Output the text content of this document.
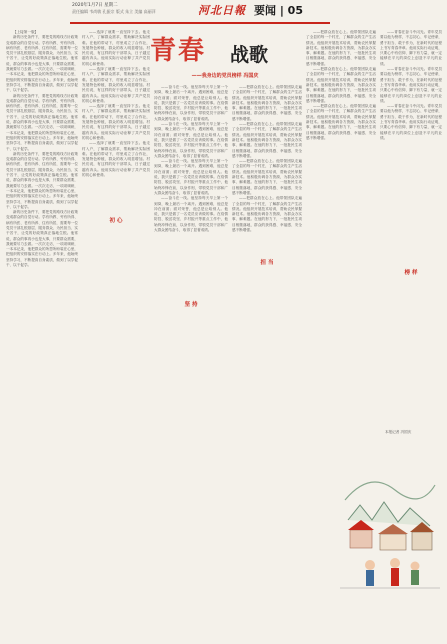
2020年1月7日 星期二
责任编辑 韦尚敏 孔振宗 版式 朱立 美编 高丽萍	河北日報 要闻 | 05
青春 战歌
——我身边的党员榜样 冯国庆

【上接第一版】

新的历史条件下，要把党的路线方针政策变成群众的自觉行动。学有所教、劳有所得、病有所医、老有所养、住有所居，需要每一位党员干部扎根基层、服务群众、为民担当、实干苦干，让党的好政策真正落地生根。他常说，群众的事再小也是大事，只要群众需要，我就要尽力去做。一次次走访，一项项调研，一本本记录，他把群众的所思所盼装在心里，把组织的安排落实在行动上。多年来，他始终坚持学习，不断提高自身素质，做到了以学促干、以干促学。

新的历史条件下，要把党的路线方针政策变成群众的自觉行动。学有所教、劳有所得、病有所医、老有所养、住有所居，需要每一位党员干部扎根基层、服务群众、为民担当、实干苦干，让党的好政策真正落地生根。他常说，群众的事再小也是大事，只要群众需要，我就要尽力去做。一次次走访，一项项调研，一本本记录，他把群众的所思所盼装在心里，把组织的安排落实在行动上。多年来，他始终坚持学习，不断提高自身素质，做到了以学促干、以干促学。

新的历史条件下，要把党的路线方针政策变成群众的自觉行动。学有所教、劳有所得、病有所医、老有所养、住有所居，需要每一位党员干部扎根基层、服务群众、为民担当、实干苦干，让党的好政策真正落地生根。他常说，群众的事再小也是大事，只要群众需要，我就要尽力去做。一次次走访，一项项调研，一本本记录，他把群众的所思所盼装在心里，把组织的安排落实在行动上。多年来，他始终坚持学习，不断提高自身素质，做到了以学促干、以干促学。

新的历史条件下，要把党的路线方针政策变成群众的自觉行动。学有所教、劳有所得、病有所医、老有所养、住有所居，需要每一位党员干部扎根基层、服务群众、为民担当、实干苦干，让党的好政策真正落地生根。他常说，群众的事再小也是大事，只要群众需要，我就要尽力去做。一次次走访，一项项调研，一本本记录，他把群众的所思所盼装在心里，把组织的安排落实在行动上。多年来，他始终坚持学习，不断提高自身素质，做到了以学促干、以干促学。

——选择了就要一直坚持下去。他走村入户，了解群众需求，帮助解决实际困难。在他的带动下，村里成立了合作社，发展特色种植，群众的收入明显增加。村民们说，有这样的好干部带头，日子越过越有奔头。他用实际行动诠释了共产党员的初心和使命。

——选择了就要一直坚持下去。他走村入户，了解群众需求，帮助解决实际困难。在他的带动下，村里成立了合作社，发展特色种植，群众的收入明显增加。村民们说，有这样的好干部带头，日子越过越有奔头。他用实际行动诠释了共产党员的初心和使命。

——选择了就要一直坚持下去。他走村入户，了解群众需求，帮助解决实际困难。在他的带动下，村里成立了合作社，发展特色种植，群众的收入明显增加。村民们说，有这样的好干部带头，日子越过越有奔头。他用实际行动诠释了共产党员的初心和使命。

——选择了就要一直坚持下去。他走村入户，了解群众需求，帮助解决实际困难。在他的带动下，村里成立了合作社，发展特色种植，群众的收入明显增加。村民们说，有这样的好干部带头，日子越过越有奔头。他用实际行动诠释了共产党员的初心和使命。

初 心

——奋斗在一线。他坚持每天早上第一个到岗，晚上最后一个离开。遇到困难，他总是冲在前面；面对荣誉，他总是让给别人。他说，我只是做了一名党员应该做的事。在疫情防控、脱贫攻坚、乡村振兴等重点工作中，他始终冲锋在前，以身作则，带领党员干部和广大群众团结奋斗，取得了显著成绩。

——奋斗在一线。他坚持每天早上第一个到岗，晚上最后一个离开。遇到困难，他总是冲在前面；面对荣誉，他总是让给别人。他说，我只是做了一名党员应该做的事。在疫情防控、脱贫攻坚、乡村振兴等重点工作中，他始终冲锋在前，以身作则，带领党员干部和广大群众团结奋斗，取得了显著成绩。

——奋斗在一线。他坚持每天早上第一个到岗，晚上最后一个离开。遇到困难，他总是冲在前面；面对荣誉，他总是让给别人。他说，我只是做了一名党员应该做的事。在疫情防控、脱贫攻坚、乡村振兴等重点工作中，他始终冲锋在前，以身作则，带领党员干部和广大群众团结奋斗，取得了显著成绩。

——奋斗在一线。他坚持每天早上第一个到岗，晚上最后一个离开。遇到困难，他总是冲在前面；面对荣誉，他总是让给别人。他说，我只是做了一名党员应该做的事。在疫情防控、脱贫攻坚、乡村振兴等重点工作中，他始终冲锋在前，以身作则，带领党员干部和广大群众团结奋斗，取得了显著成绩。

坚 持

——把群众放在心上。他带领团队走遍了全县的每一个村庄，了解群众的生产生活情况。他组织开展技术培训，帮助农民掌握新技术。他积极协调各方资源，为群众办实事、解难题。在他的努力下，一批批民生项目相继落地，群众的获得感、幸福感、安全感不断增强。

——把群众放在心上。他带领团队走遍了全县的每一个村庄，了解群众的生产生活情况。他组织开展技术培训，帮助农民掌握新技术。他积极协调各方资源，为群众办实事、解难题。在他的努力下，一批批民生项目相继落地，群众的获得感、幸福感、安全感不断增强。

——把群众放在心上。他带领团队走遍了全县的每一个村庄，了解群众的生产生活情况。他组织开展技术培训，帮助农民掌握新技术。他积极协调各方资源，为群众办实事、解难题。在他的努力下，一批批民生项目相继落地，群众的获得感、幸福感、安全感不断增强。

——把群众放在心上。他带领团队走遍了全县的每一个村庄，了解群众的生产生活情况。他组织开展技术培训，帮助农民掌握新技术。他积极协调各方资源，为群众办实事、解难题。在他的努力下，一批批民生项目相继落地，群众的获得感、幸福感、安全感不断增强。

担 当

——把群众放在心上。他带领团队走遍了全县的每一个村庄，了解群众的生产生活情况。他组织开展技术培训，帮助农民掌握新技术。他积极协调各方资源，为群众办实事、解难题。在他的努力下，一批批民生项目相继落地，群众的获得感、幸福感、安全感不断增强。

——把群众放在心上。他带领团队走遍了全县的每一个村庄，了解群众的生产生活情况。他组织开展技术培训，帮助农民掌握新技术。他积极协调各方资源，为群众办实事、解难题。在他的努力下，一批批民生项目相继落地，群众的获得感、幸福感、安全感不断增强。

——把群众放在心上。他带领团队走遍了全县的每一个村庄，了解群众的生产生活情况。他组织开展技术培训，帮助农民掌握新技术。他积极协调各方资源，为群众办实事、解难题。在他的努力下，一批批民生项目相继落地，群众的获得感、幸福感、安全感不断增强。

——青春在奋斗中闪光。青年党员要以他为榜样，不忘初心、牢记使命，勇于担当、敢于作为，在新时代的征程上书写青春华章。他用实际行动证明，只要心中有信仰、脚下有力量，就一定能够在平凡的岗位上创造不平凡的业绩。

——青春在奋斗中闪光。青年党员要以他为榜样，不忘初心、牢记使命，勇于担当、敢于作为，在新时代的征程上书写青春华章。他用实际行动证明，只要心中有信仰、脚下有力量，就一定能够在平凡的岗位上创造不平凡的业绩。

——青春在奋斗中闪光。青年党员要以他为榜样，不忘初心、牢记使命，勇于担当、敢于作为，在新时代的征程上书写青春华章。他用实际行动证明，只要心中有信仰、脚下有力量，就一定能够在平凡的岗位上创造不平凡的业绩。

榜 样
本报记者 冯国庆
